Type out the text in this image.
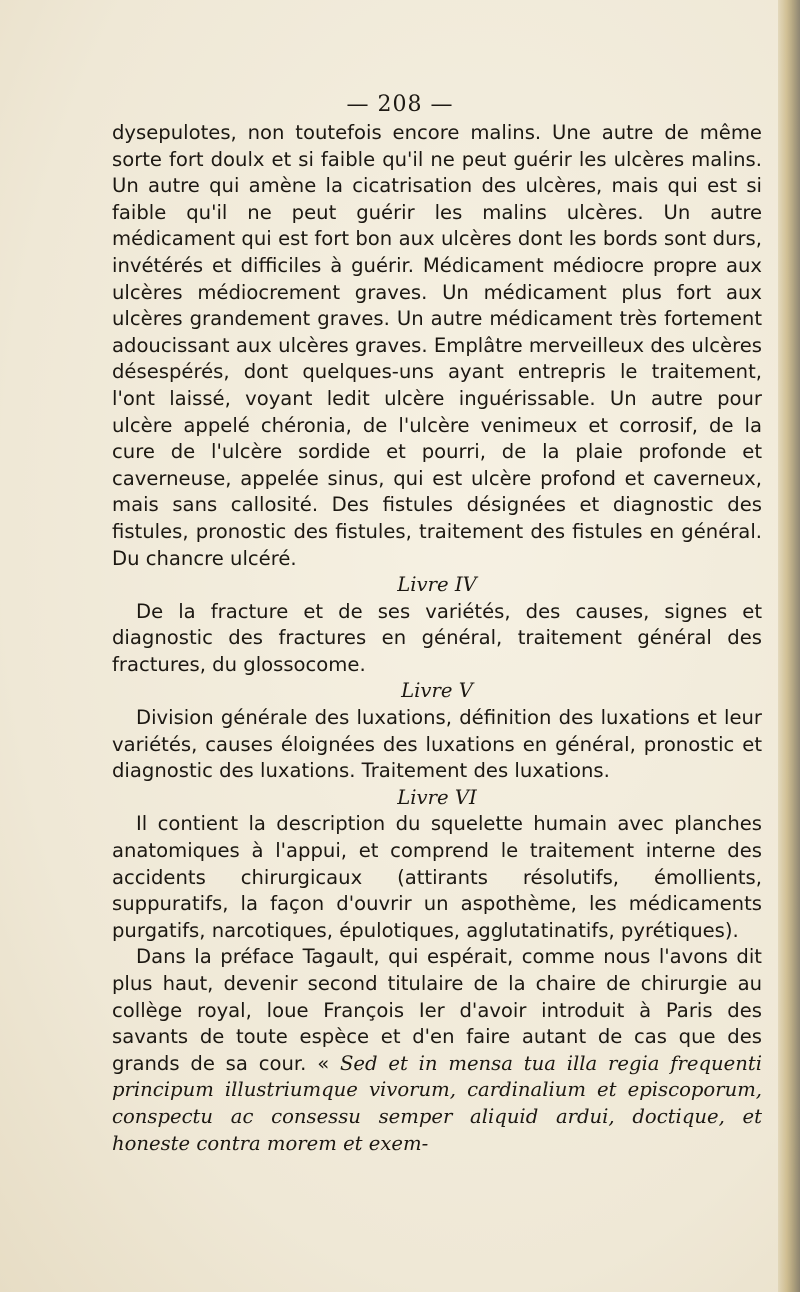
— 208 —

dysepulotes, non toutefois encore malins. Une autre de même sorte fort doulx et si faible qu'il ne peut guérir les ulcères malins. Un autre qui amène la cicatrisation des ulcères, mais qui est si faible qu'il ne peut guérir les malins ulcères. Un autre médicament qui est fort bon aux ulcères dont les bords sont durs, invétérés et difficiles à guérir. Médicament médiocre propre aux ulcères médiocrement graves. Un médicament plus fort aux ulcères grandement graves. Un autre médicament très fortement adoucissant aux ulcères graves. Emplâtre merveilleux des ulcères désespérés, dont quelques-uns ayant entrepris le traitement, l'ont laissé, voyant ledit ulcère inguérissable. Un autre pour ulcère appelé chéronia, de l'ulcère venimeux et corrosif, de la cure de l'ulcère sordide et pourri, de la plaie profonde et caverneuse, appelée sinus, qui est ulcère profond et caverneux, mais sans callosité. Des fistules désignées et diagnostic des fistules, pronostic des fistules, traitement des fistules en général. Du chancre ulcéré.

Livre IV

De la fracture et de ses variétés, des causes, signes et diagnostic des fractures en général, traitement général des fractures, du glossocome.

Livre V

Division générale des luxations, définition des luxations et leur variétés, causes éloignées des luxations en général, pronostic et diagnostic des luxations. Traitement des luxations.

Livre VI

Il contient la description du squelette humain avec planches anatomiques à l'appui, et comprend le traitement interne des accidents chirurgicaux (attirants résolutifs, émollients, suppuratifs, la façon d'ouvrir un aspothème, les médicaments purgatifs, narcotiques, épulotiques, agglutatinatifs, pyrétiques).

Dans la préface Tagault, qui espérait, comme nous l'avons dit plus haut, devenir second titulaire de la chaire de chirurgie au collège royal, loue François Ier d'avoir introduit à Paris des savants de toute espèce et d'en faire autant de cas que des grands de sa cour. « Sed et in mensa tua illa regia frequenti principum illustriumque vivorum, cardinalium et episcoporum, conspectu ac consessu semper aliquid ardui, doctique, et honeste contra morem et exem-
